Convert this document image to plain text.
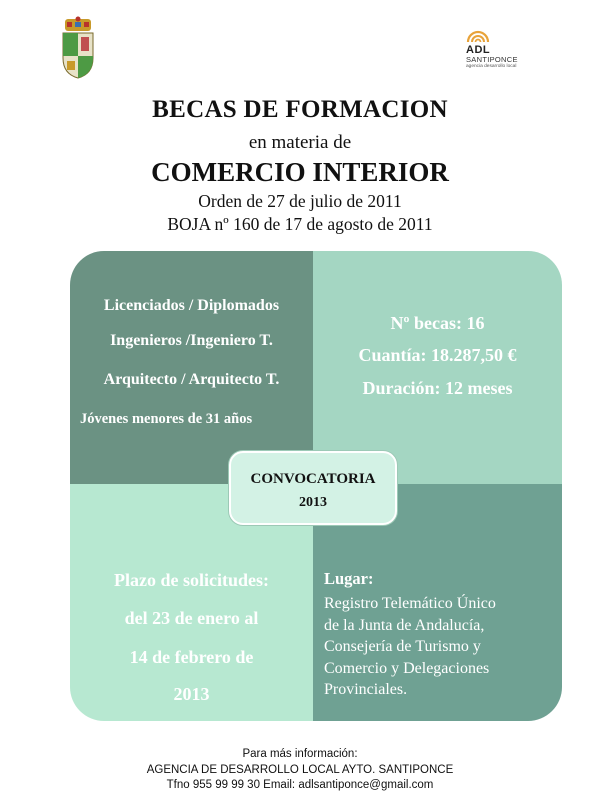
ADL
SANTIPONCE
agencia desarrollo local
BECAS DE FORMACION
en materia de
COMERCIO INTERIOR
Orden de 27 de julio de 2011
BOJA nº 160 de 17 de agosto de 2011
Licenciados / Diplomados
Ingenieros /Ingeniero T.
Arquitecto / Arquitecto T.
Jóvenes menores de 31 años
Nº becas: 16
Cuantía: 18.287,50 €
Duración: 12 meses
Plazo de solicitudes:
del 23 de enero al
14 de febrero de
2013
Lugar:
Registro Telemático Único
de la Junta de Andalucía,
Consejería de Turismo y
Comercio y Delegaciones
Provinciales.
CONVOCATORIA
2013
Para más información:
AGENCIA DE DESARROLLO LOCAL AYTO. SANTIPONCE
Tfno 955 99 99 30 Email: adlsantiponce@gmail.com
